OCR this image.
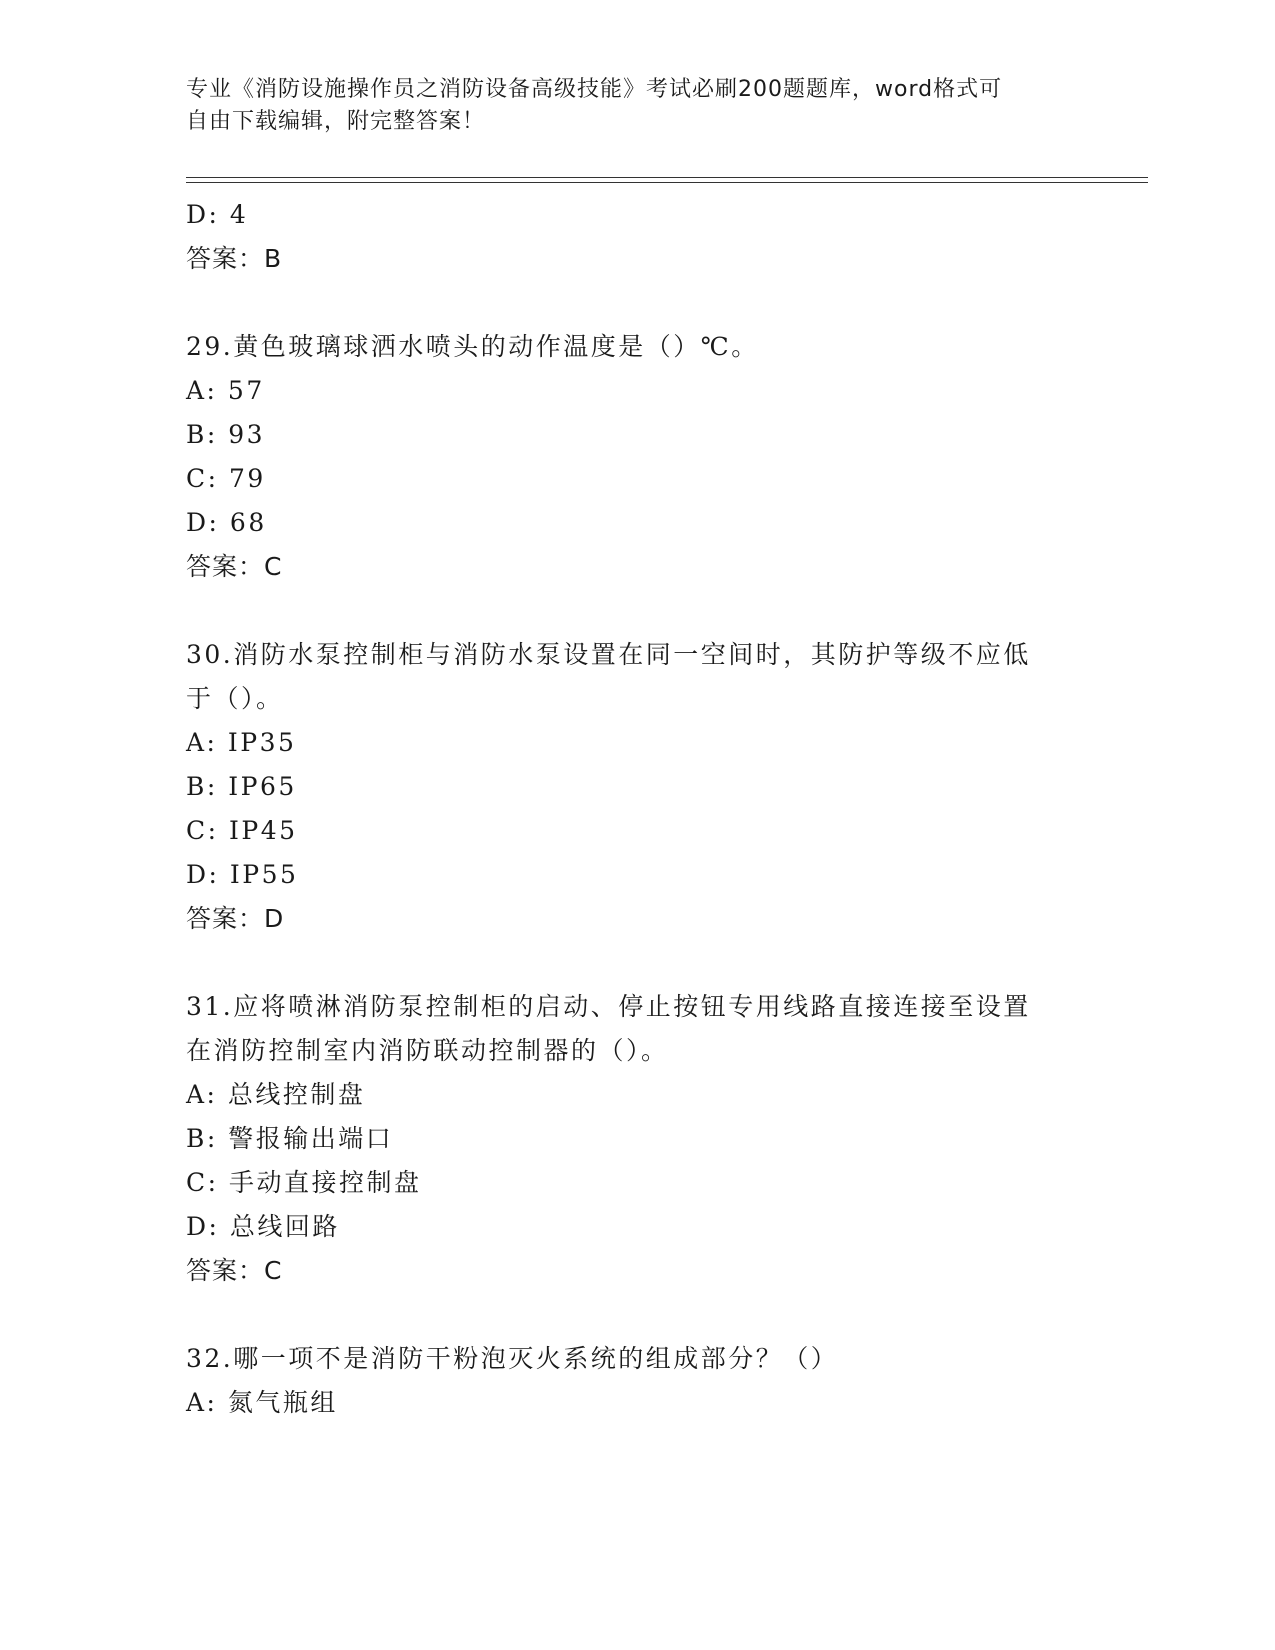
专业《消防设施操作员之消防设备高级技能》考试必刷200题题库，word格式可
自由下载编辑，附完整答案！
D: 4
答案：B
29.黄色玻璃球洒水喷头的动作温度是（）℃。
A: 57
B: 93
C: 79
D: 68
答案：C
30.消防水泵控制柜与消防水泵设置在同一空间时，其防护等级不应低
于（）。
A: IP35
B: IP65
C: IP45
D: IP55
答案：D
31.应将喷淋消防泵控制柜的启动、停止按钮专用线路直接连接至设置
在消防控制室内消防联动控制器的（）。
A: 总线控制盘
B: 警报输出端口
C: 手动直接控制盘
D: 总线回路
答案：C
32.哪一项不是消防干粉泡灭火系统的组成部分？（）
A: 氮气瓶组
